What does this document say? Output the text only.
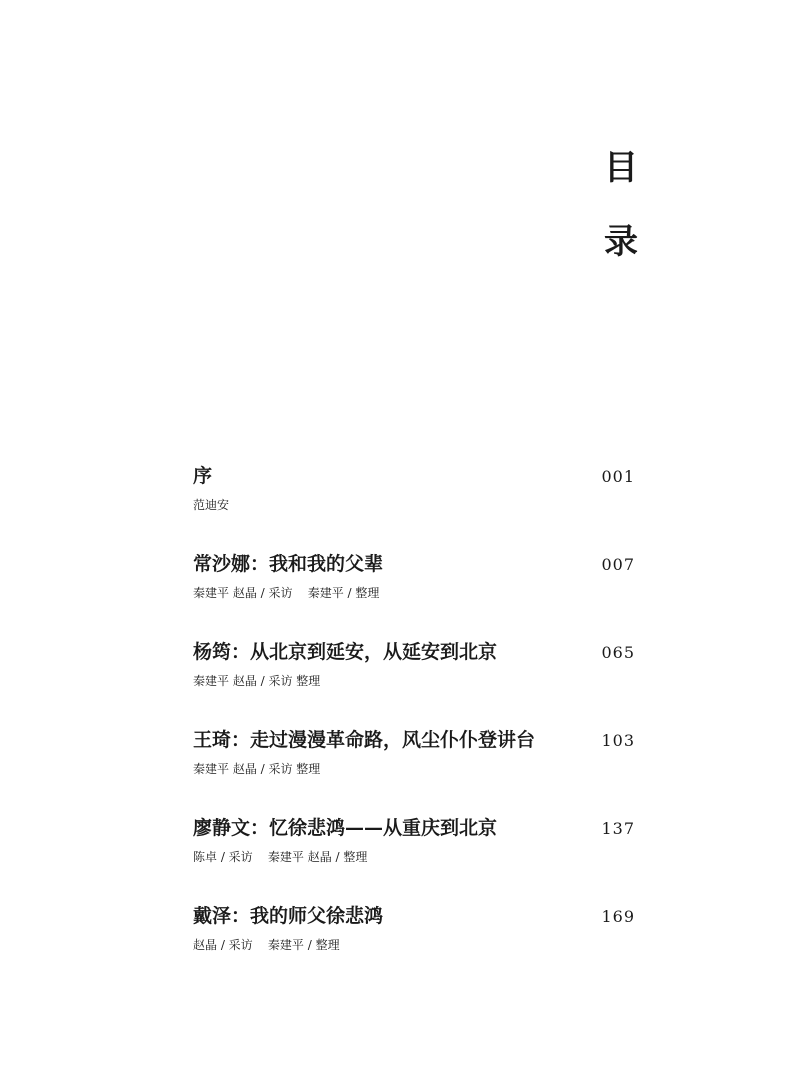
目
录
序	001
范迪安
常沙娜：我和我的父辈	007
秦建平 赵晶 / 采访    秦建平 / 整理
杨筠：从北京到延安，从延安到北京	065
秦建平 赵晶 / 采访 整理
王琦：走过漫漫革命路，风尘仆仆登讲台	103
秦建平 赵晶 / 采访 整理
廖静文：忆徐悲鸿——从重庆到北京	137
陈卓 / 采访    秦建平 赵晶 / 整理
戴泽：我的师父徐悲鸿	169
赵晶 / 采访    秦建平 / 整理
